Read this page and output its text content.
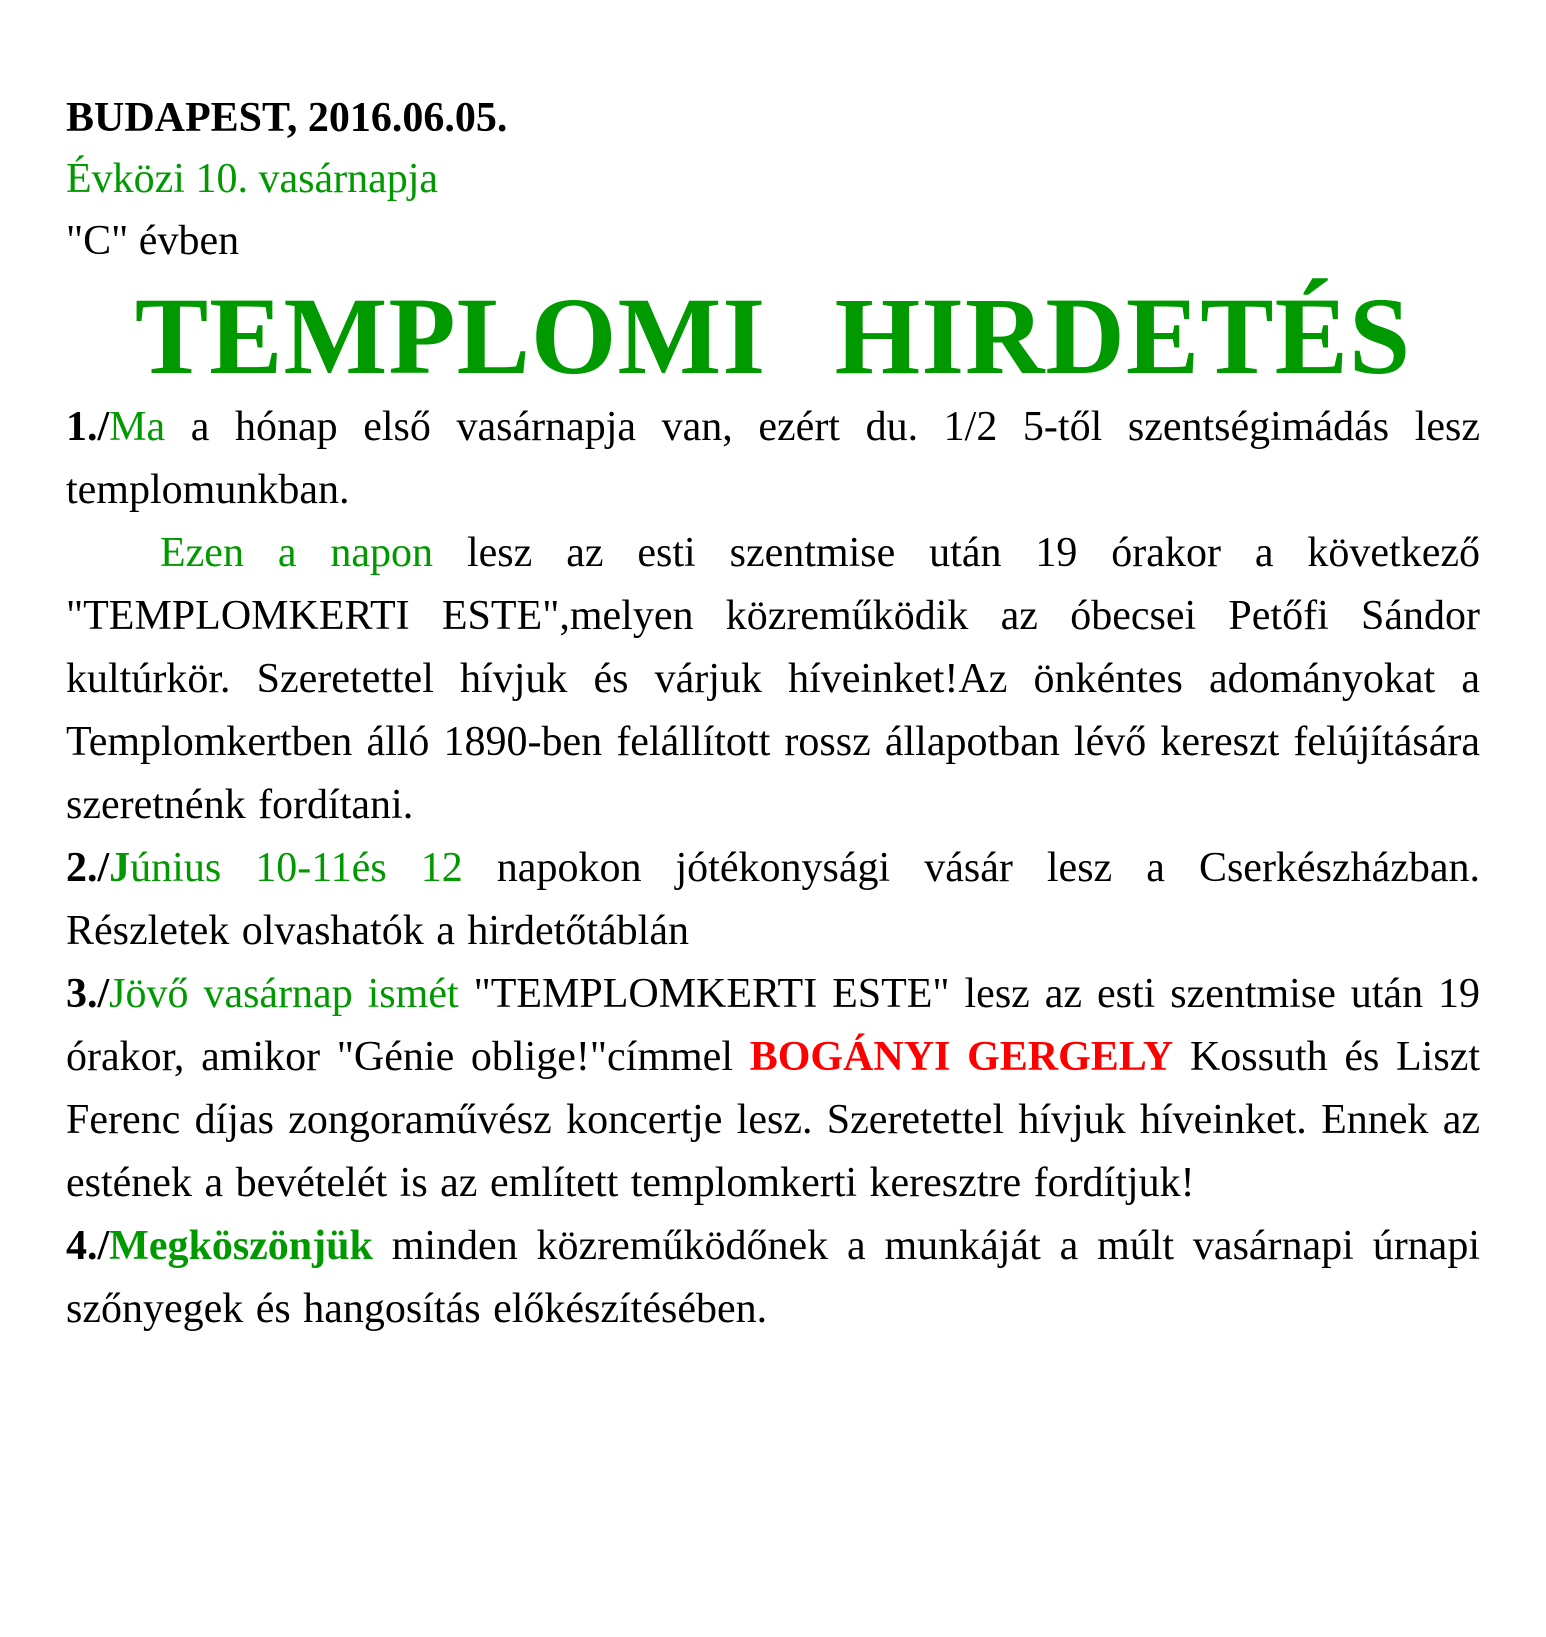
BUDAPEST, 2016.06.05.
Évközi 10. vasárnapja
"C" évben
TEMPLOMI HIRDETÉS
1./Ma a hónap első vasárnapja van, ezért du. 1/2 5-től szentségimádás lesz templomunkban.
Ezen a napon lesz az esti szentmise után 19 órakor a következő "TEMPLOMKERTI ESTE",melyen közreműködik az óbecsei Petőfi Sándor kultúrkör. Szeretettel hívjuk és várjuk híveinket!Az önkéntes adományokat a Templomkertben álló 1890-ben felállított rossz állapotban lévő kereszt felújítására szeretnénk fordítani.
2./Június 10-11és 12 napokon jótékonysági vásár lesz a Cserkészházban. Részletek olvashatók a hirdetőtáblán
3./Jövő vasárnap ismét "TEMPLOMKERTI ESTE" lesz az esti szentmise után 19 órakor, amikor "Génie oblige!"címmel BOGÁNYI GERGELY Kossuth és Liszt Ferenc díjas zongoraművész koncertje lesz. Szeretettel hívjuk híveinket. Ennek az estének a bevételét is az említett templomkerti keresztre fordítjuk!
4./Megköszönjük minden közreműködőnek a munkáját a múlt vasárnapi úrnapi szőnyegek és hangosítás előkészítésében.
